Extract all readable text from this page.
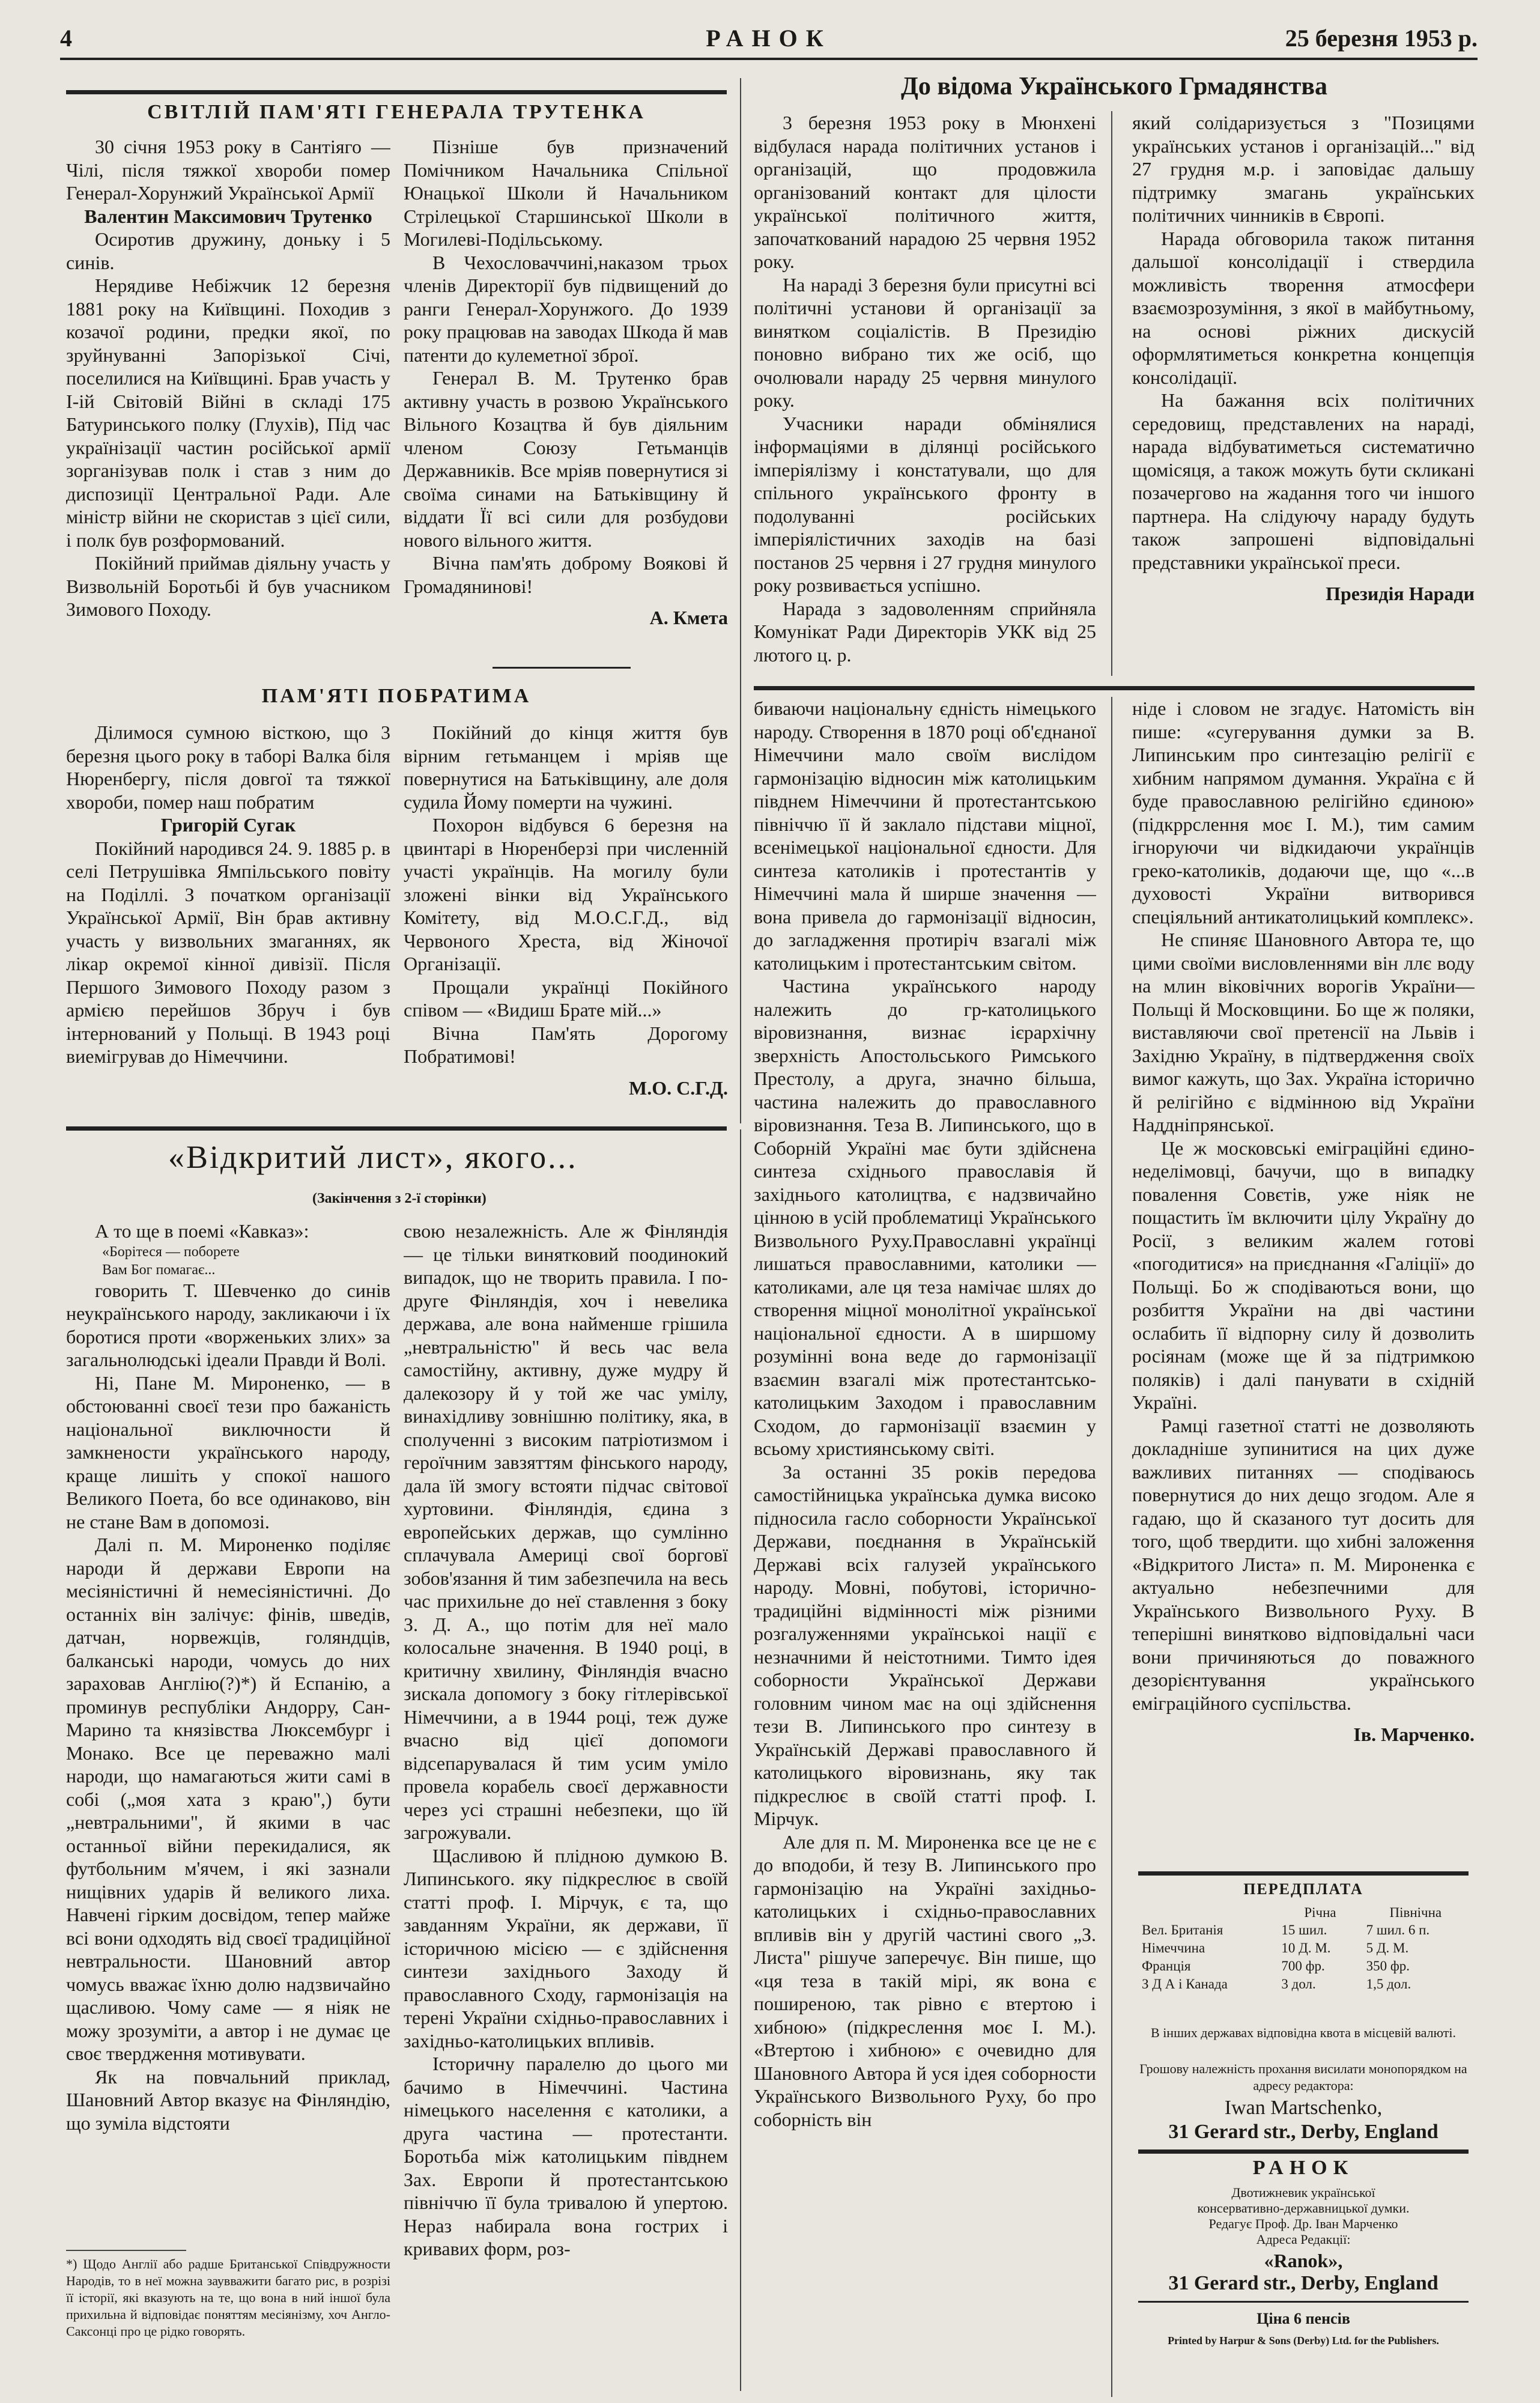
4	РАНОК	25 березня 1953 р.
СВІТЛІЙ ПАМ'ЯТІ ГЕНЕРАЛА ТРУТЕНКА

30 січня 1953 року в Сантіяго — Чілі, після тяжкої хвороби помер Генерал-Хорунжий Української Армії

Валентин Максимович Трутенко

Осиротив дружину, доньку і 5 синів.

Нерядиве Небіжчик 12 березня 1881 року на Київщині. Походив з козачої родини, предки якої, по зруйнуванні Запорізької Січі, поселилися на Київщині. Брав участь у І-ій Світовій Війні в складі 175 Батуринського полку (Глухів), Під час українізації частин російської армії зорганізував полк і став з ним до диспозиції Центральної Ради. Але міністр війни не скористав з цієї сили, і полк був розформований.

Покійний приймав діяльну участь у Визвольній Боротьбі й був учасником Зимового Походу.

Пізніше був призначений Помічником Начальника Спільної Юнацької Школи й Начальником Стрілецької Старшинської Школи в Могилеві-Подільському.

В Чехословаччині,наказом трьох членів Директорії був підвищений до ранги Генерал-Хорунжого. До 1939 року працював на заводах Шкода й мав патенти до кулеметної зброї.

Генерал В. М. Трутенко брав активну участь в розвою Українського Вільного Козацтва й був діяльним членом Союзу Гетьманців Державників. Все мріяв повернутися зі своїма синами на Батьківщину й віддати Її всі сили для розбудови нового вільного життя.

Вічна пам'ять доброму Воякові й Громадянинові!

А. Кмета

ПАМ'ЯТІ ПОБРАТИМА

Ділимося сумною вісткою, що 3 березня цього року в таборі Валка біля Нюренбергу, після довгої та тяжкої хвороби, помер наш побратим

Григорій Сугак

Покійний народився 24. 9. 1885 р. в селі Петрушівка Ямпільського повіту на Поділлі. З початком організації Української Армії, Він брав активну участь у визвольних змаганнях, як лікар окремої кінної дивізії. Після Першого Зимового Походу разом з армією перейшов Збруч і був інтернований у Польщі. В 1943 році виемігрував до Німеччини.

Покійний до кінця життя був вірним гетьманцем і мріяв ще повернутися на Батьківщину, але доля судила Йому померти на чужині.

Похорон відбувся 6 березня на цвинтарі в Нюренберзі при численній участі українців. На могилу були зложені вінки від Українського Комітету, від М.О.С.Г.Д., від Червоного Хреста, від Жіночої Організації.

Прощали українці Покійного співом — «Видиш Брате мій...»

Вічна Пам'ять Дорогому Побратимові!

М.О. С.Г.Д.

До відома Українського Грмадянства

3 березня 1953 року в Мюнхені відбулася нарада політичних установ і організацій, що продовжила організований контакт для цілости української політичного життя, започаткований нарадою 25 червня 1952 року.

На нараді 3 березня були присутні всі політичні установи й організації за винятком соціалістів. В Президію поновно вибрано тих же осіб, що очолювали нараду 25 червня минулого року.

Учасники наради обмінялися інформаціями в ділянці російського імперіялізму і констатували, що для спільного українського фронту в подолуванні російських імперіялістичних заходів на базі постанов 25 червня і 27 грудня минулого року розвивається успішно.

Нарада з задоволенням сприйняла Комунікат Ради Директорів УКК від 25 лютого ц. р.

який солідаризується з "Позицями українських установ і організацій..." від 27 грудня м.р. і заповідає дальшу підтримку змагань українських політичних чинників в Європі.

Нарада обговорила також питання дальшої консолідації і ствердила можливість творення атмосфери взаємозрозуміння, з якої в майбутньому, на основі ріжних дискусій оформлятиметься конкретна концепція консолідації.

На бажання всіх політичних середовищ, представлених на нараді, нарада відбуватиметься систематично щомісяця, а також можуть бути скликані позачергово на жадання того чи іншого партнера. На слідуючу нараду будуть також запрошені відповідальні представники української преси.

Президія Наради

«Відкритий лист», якого...
(Закінчення з 2-ї сторінки)

А то ще в поемі «Кавказ»:

«Борітеся — поборете

Вам Бог помагає...

говорить Т. Шевченко до синів неукраїнського народу, закликаючи і їх боротися проти «ворженьких злих» за загальнолюдські ідеали Правди й Волі.

Ні, Пане М. Мироненко, — в обстоюванні своєї тези про бажаність національної виключности й замкнености українського народу, краще лишіть у спокої нашого Великого Поета, бо все одинаково, він не стане Вам в допомозі.

Далі п. М. Мироненко поділяє народи й держави Европи на месіяністичні й немесіяністичні. До останніх він залічує: фінів, шведів, датчан, норвежців, голяндців, балканські народи, чомусь до них зараховав Англію(?)*) й Еспанію, а проминув республіки Андорру, Сан-Марино та князівства Люксембург і Монако. Все це переважно малі народи, що намагаються жити самі в собі („моя хата з краю",) бути „невтральними", й якими в час останньої війни перекидалися, як футбольним м'ячем, і які зазнали нищівних ударів й великого лиха. Навчені гірким досвідом, тепер майже всі вони одходять від своєї традиційної невтральности. Шановний автор чомусь вважає їхню долю надзвичайно щасливою. Чому саме — я ніяк не можу зрозуміти, а автор і не думає це своє твердження мотивувати.

Як на повчальний приклад, Шановний Автор вказує на Фінляндію, що зуміла відстояти

*) Щодо Англії або радше Британської Співдружности Народів, то в неї можна заувважити багато рис, в розрізі її історії, які вказують на те, що вона в ний іншої була прихильна й відповідає поняттям месіянізму, хоч Англо-Саксонці про це рідко говорять.

свою незалежність. Але ж Фінляндія — це тільки винятковий поодинокий випадок, що не творить правила. І по-друге Фінляндія, хоч і невелика держава, але вона найменше грішила „невтральністю" й весь час вела самостійну, активну, дуже мудру й далекозору й у той же час умілу, винахідливу зовнішню політику, яка, в сполученні з високим патріотизмом і героїчним завзяттям фінського народу, дала їй змогу встояти підчас світової хуртовини. Фінляндія, єдина з европейських держав, що сумлінно сплачувала Америці свої борговї зобов'язання й тим забезпечила на весь час прихильне до неї ставлення з боку З. Д. А., що потім для неї мало колосальне значення. В 1940 році, в критичну хвилину, Фінляндія вчасно зискала допомогу з боку гітлерівської Німеччини, а в 1944 році, теж дуже вчасно від цієї допомоги відсепарувалася й тим усим уміло провела корабель своєї державности через усі страшні небезпеки, що їй загрожували.

Щасливою й плідною думкою В. Липинського. яку підкреслює в своїй статті проф. І. Мірчук, є та, що завданням України, як держави, її історичною місією — є здійснення синтези західнього Заходу й православного Сходу, гармонізація на терені України східньо-православних і західньо-католицьких впливів.

Історичну паралелю до цього ми бачимо в Німеччині. Частина німецького населення є католики, а друга частина — протестанти. Боротьба між католицьким півднем Зах. Европи й протестантською північчю її була тривалою й упертою. Нераз набирала вона гострих і кривавих форм, роз-

биваючи національну єдність німецького народу. Створення в 1870 році об'єднаної Німеччини мало своїм вислідом гармонізацію відносин між католицьким півднем Німеччини й протестантською північчю її й заклало підстави міцної, всенімецької національної єдности. Для синтеза католиків і протестантів у Німеччині мала й ширше значення — вона привела до гармонізації відносин, до загладження протиріч взагалі між католицьким і протестантським світом.

Частина українського народу належить до гр-католицького віровизнання, визнає ієрархічну зверхність Апостольського Римського Престолу, а друга, значно більша, частина належить до православного віровизнання. Теза В. Липинського, що в Соборній Україні має бути здійснена синтеза східнього православія й західнього католицтва, є надзвичайно цінною в усій проблематиці Українського Визвольного Руху.Православні українці лишаться православними, католики — католиками, але ця теза намічає шлях до створення міцної монолітної української національної єдности. А в ширшому розумінні вона веде до гармонізації взаємин взагалі між протестантсько-католицьким Заходом і православним Сходом, до гармонізації взаємин у всьому християнському світі.

За останні 35 років передова самостійницька українська думка високо підносила гасло соборности Української Держави, поєднання в Українській Державі всіх галузей українського народу. Мовні, побутові, історично-традиційні відмінності між різними розгалуженнями українськоі нації є незначними й неістотними. Тимто ідея соборности Української Держави головним чином має на оці здійснення тези В. Липинського про синтезу в Українській Державі православного й католицького віровизнань, яку так підкреслює в своїй статті проф. І. Мірчук.

Але для п. М. Мироненка все це не є до вподоби, й тезу В. Липинського про гармонізацію на Україні західньо-католицьких і східньо-православних впливів він у другій частині свого „З. Листа" рішуче заперечує. Він пише, що «ця теза в такій мірі, як вона є поширеною, так рівно є втертою і хибною» (підкреслення моє І. М.). «Втертою і хибною» є очевидно для Шановного Автора й уся ідея соборности Українського Визвольного Руху, бо про соборність він

ніде і словом не згадує. Натомість він пише: «сугерування думки за В. Липинським про синтезацію релігії є хибним напрямом думання. Україна є й буде православною релігійно єдиною» (підкррслення моє І. М.), тим самим ігноруючи чи відкидаючи українців греко-католиків, додаючи ще, що «...в духовості України витворився спеціяльний антикатолицький комплекс».

Не спиняє Шановного Автора те, що цими своїми висловленнями він ллє воду на млин віковічних ворогів України—Польщі й Московщини. Бо ще ж поляки, виставляючи свої претенсії на Львів і Західню Україну, в підтвердження своїх вимог кажуть, що Зах. Україна історично й релігійно є відмінною від України Наддніпрянської.

Це ж московські еміграційні єдино-неделімовці, бачучи, що в випадку повалення Совєтів, уже ніяк не пощастить їм включити цілу Україну до Росії, з великим жалем готові «погодитися» на приєднання «Галіції» до Польщі. Бо ж сподіваються вони, що розбиття України на дві частини ослабить її відпорну силу й дозволить росіянам (може ще й за підтримкою поляків) і далі панувати в східній Україні.

Рамці газетної статті не дозволяють докладніше зупинитися на цих дуже важливих питаннях — сподіваюсь повернутися до них дещо згодом. Але я гадаю, що й сказаного тут досить для того, щоб твердити. що хибні заложення «Відкритого Листа» п. М. Мироненка є актуально небезпечними для Українського Визвольного Руху. В теперішні винятково відповідальні часи вони причиняються до поважного дезорієнтування українського еміграційного суспільства.

Ів. Марченко.

ПЕРЕДПЛАТА
	Річна	Північна
Вел. Британія	15 шил.	7 шил. 6 п.
Німеччина	10 Д. М.	5 Д. М.
Франція	700 фр.	350 фр.
З Д А і Канада	3 дол.	1,5 дол.
В інших державах відповідна квота в місцевій валюті.
Грошову належність прохання висилати монопорядком на адресу редактора:
Iwan Martschenko,
31 Gerard str., Derby, England
РАНОК
Двотижневик української
консервативно-державницької думки.
Редагує Проф. Др. Іван Марченко
Адреса Редакції:
«Ranok»,
31 Gerard str., Derby, England
Ціна 6 пенсів
Printed by Harpur & Sons (Derby) Ltd. for the Publishers.
